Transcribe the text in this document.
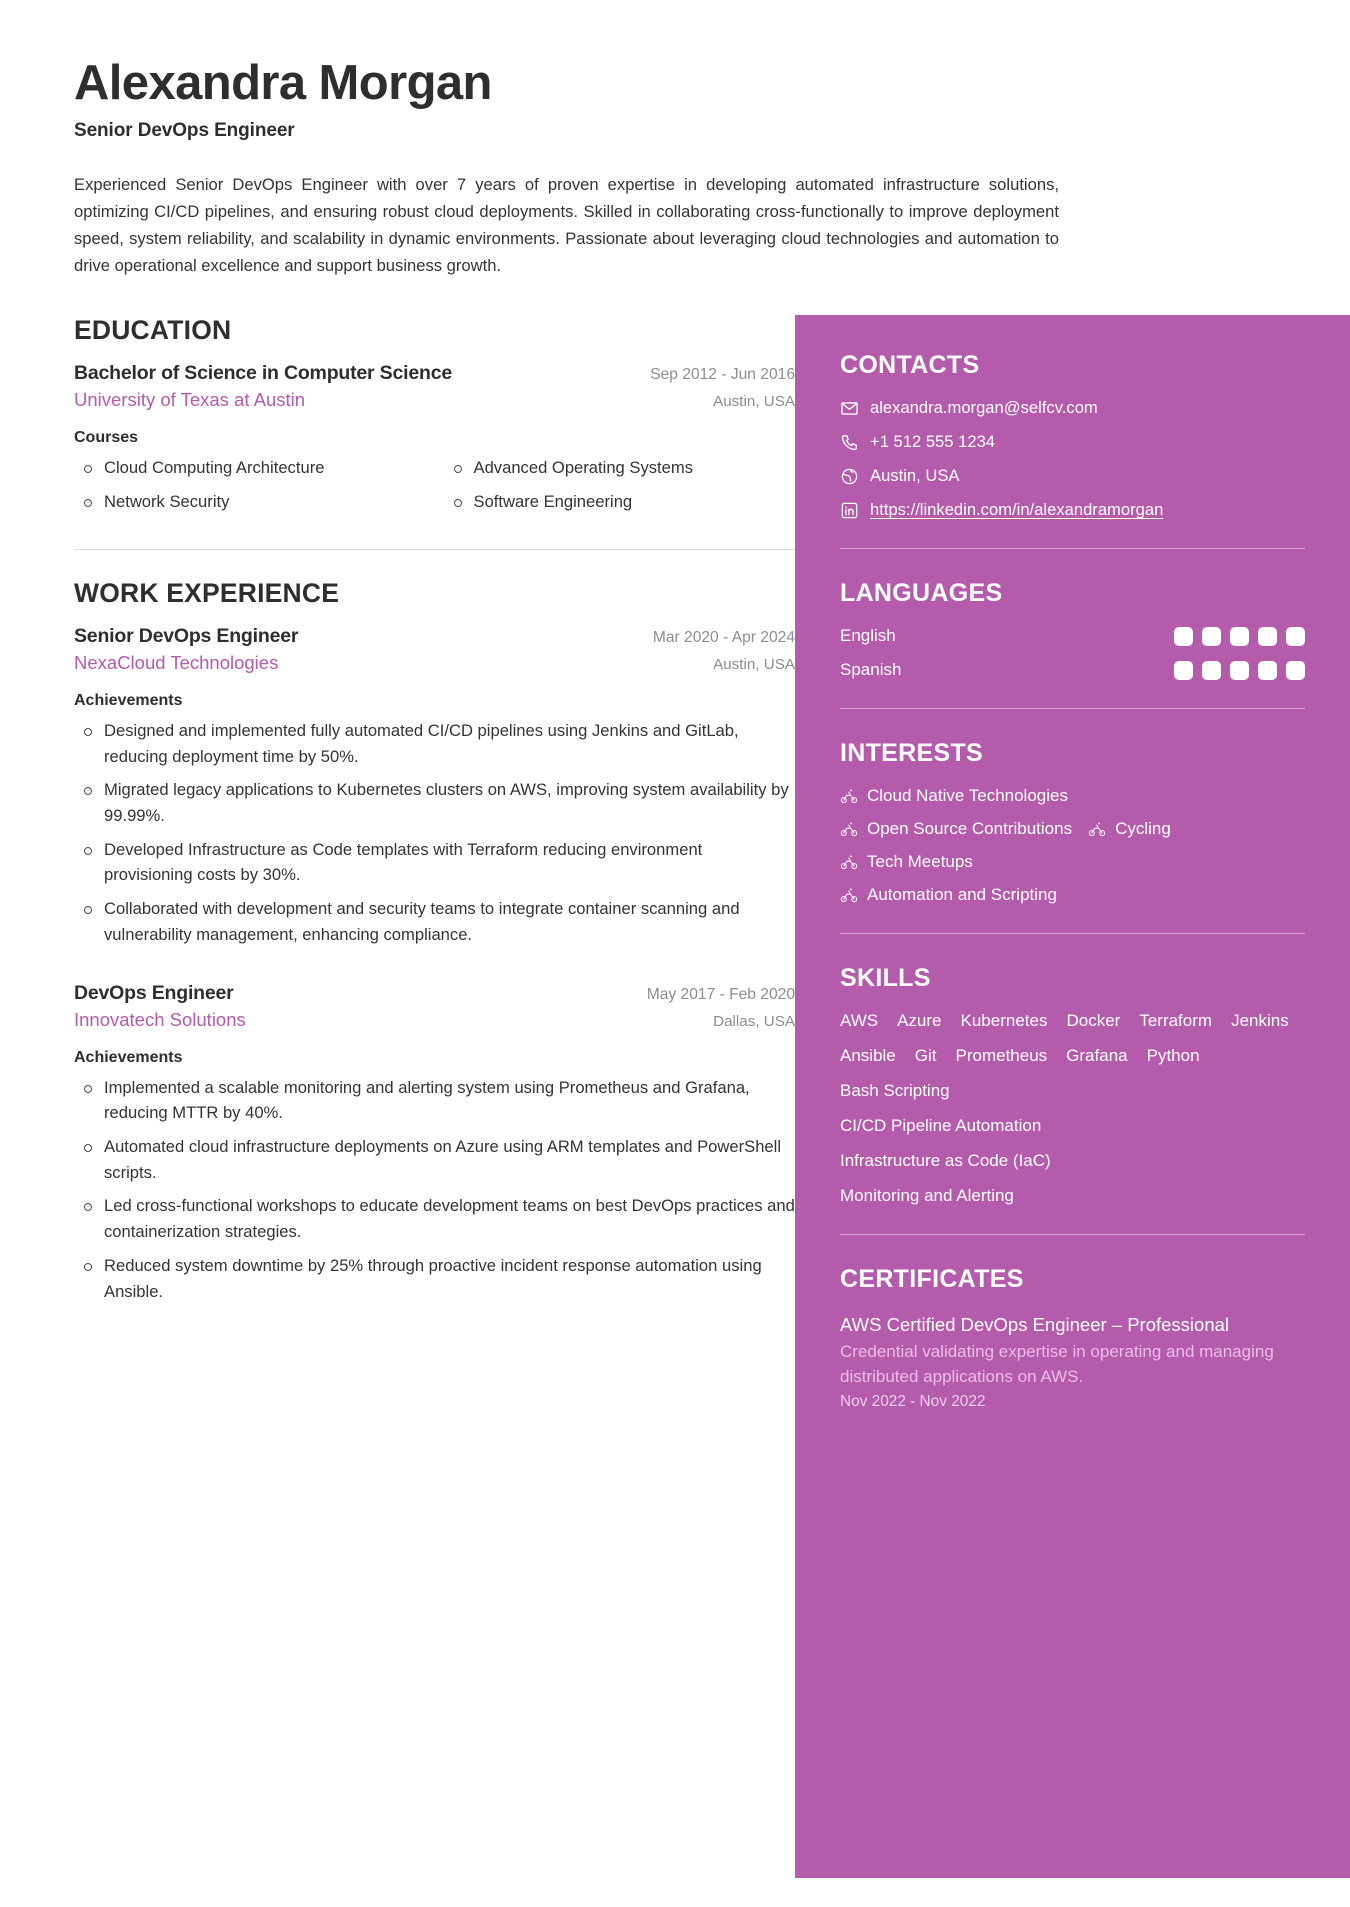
Alexandra Morgan
Senior DevOps Engineer

Experienced Senior DevOps Engineer with over 7 years of proven expertise in developing automated infrastructure solutions, optimizing CI/CD pipelines, and ensuring robust cloud deployments. Skilled in collaborating cross-functionally to improve deployment speed, system reliability, and scalability in dynamic environments. Passionate about leveraging cloud technologies and automation to drive operational excellence and support business growth.

EDUCATION
Bachelor of Science in Computer Science	Sep 2012 - Jun 2016
University of Texas at Austin	Austin, USA
Courses
Cloud Computing Architecture	Advanced Operating Systems
Network Security	Software Engineering
WORK EXPERIENCE
Senior DevOps Engineer	Mar 2020 - Apr 2024
NexaCloud Technologies	Austin, USA
Achievements
Designed and implemented fully automated CI/CD pipelines using Jenkins and GitLab, reducing deployment time by 50%.
Migrated legacy applications to Kubernetes clusters on AWS, improving system availability by 99.99%.
Developed Infrastructure as Code templates with Terraform reducing environment provisioning costs by 30%.
Collaborated with development and security teams to integrate container scanning and vulnerability management, enhancing compliance.
DevOps Engineer	May 2017 - Feb 2020
Innovatech Solutions	Dallas, USA
Achievements
Implemented a scalable monitoring and alerting system using Prometheus and Grafana, reducing MTTR by 40%.
Automated cloud infrastructure deployments on Azure using ARM templates and PowerShell scripts.
Led cross-functional workshops to educate development teams on best DevOps practices and containerization strategies.
Reduced system downtime by 25% through proactive incident response automation using Ansible.
CONTACTS
alexandra.morgan@selfcv.com
+1 512 555 1234
Austin, USA
https://linkedin.com/in/alexandramorgan
LANGUAGES
English
Spanish
INTERESTS
Cloud Native Technologies
Open Source Contributions	Cycling
Tech Meetups
Automation and Scripting
SKILLS
AWS Azure Kubernetes Docker Terraform Jenkins
Ansible Git Prometheus Grafana Python
Bash Scripting
CI/CD Pipeline Automation
Infrastructure as Code (IaC)
Monitoring and Alerting
CERTIFICATES
AWS Certified DevOps Engineer – Professional
Credential validating expertise in operating and managing distributed applications on AWS.
Nov 2022 - Nov 2022
